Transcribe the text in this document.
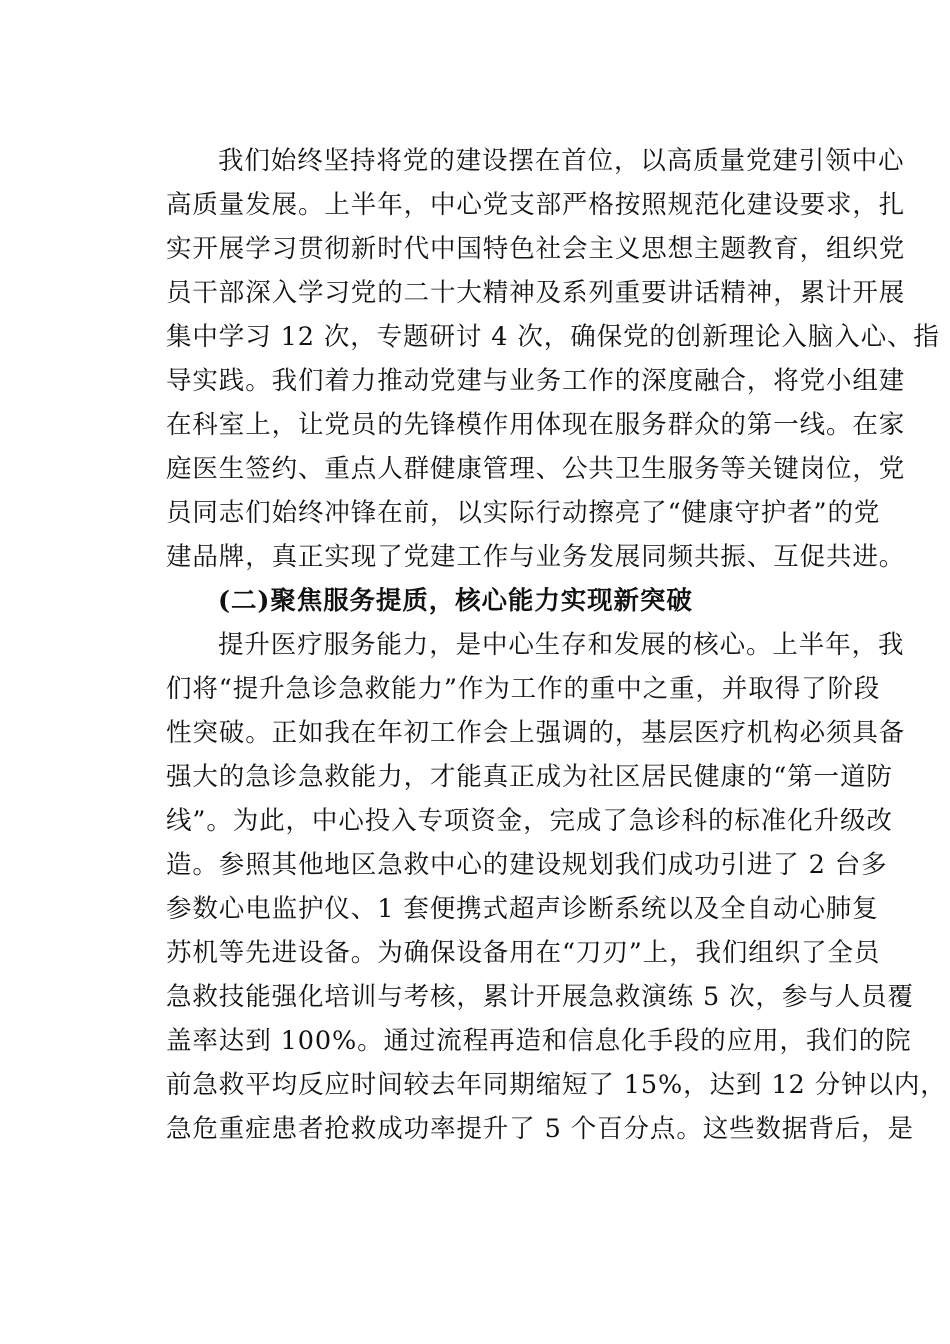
我们始终坚持将党的建设摆在首位，以高质量党建引领中心
高质量发展。上半年，中心党支部严格按照规范化建设要求，扎
实开展学习贯彻新时代中国特色社会主义思想主题教育，组织党
员干部深入学习党的二十大精神及系列重要讲话精神，累计开展
集中学习 12 次，专题研讨 4 次，确保党的创新理论入脑入心、指
导实践。我们着力推动党建与业务工作的深度融合，将党小组建
在科室上，让党员的先锋模作用体现在服务群众的第一线。在家
庭医生签约、重点人群健康管理、公共卫生服务等关键岗位，党
员同志们始终冲锋在前，以实际行动擦亮了“健康守护者”的党
建品牌，真正实现了党建工作与业务发展同频共振、互促共进。
(二)聚焦服务提质，核心能力实现新突破
提升医疗服务能力，是中心生存和发展的核心。上半年，我
们将“提升急诊急救能力”作为工作的重中之重，并取得了阶段
性突破。正如我在年初工作会上强调的，基层医疗机构必须具备
强大的急诊急救能力，才能真正成为社区居民健康的“第一道防
线”。为此，中心投入专项资金，完成了急诊科的标准化升级改
造。参照其他地区急救中心的建设规划我们成功引进了 2 台多
参数心电监护仪、1 套便携式超声诊断系统以及全自动心肺复
苏机等先进设备。为确保设备用在“刀刃”上，我们组织了全员
急救技能强化培训与考核，累计开展急救演练 5 次，参与人员覆
盖率达到 100%。通过流程再造和信息化手段的应用，我们的院
前急救平均反应时间较去年同期缩短了 15%，达到 12 分钟以内，
急危重症患者抢救成功率提升了 5 个百分点。这些数据背后，是
